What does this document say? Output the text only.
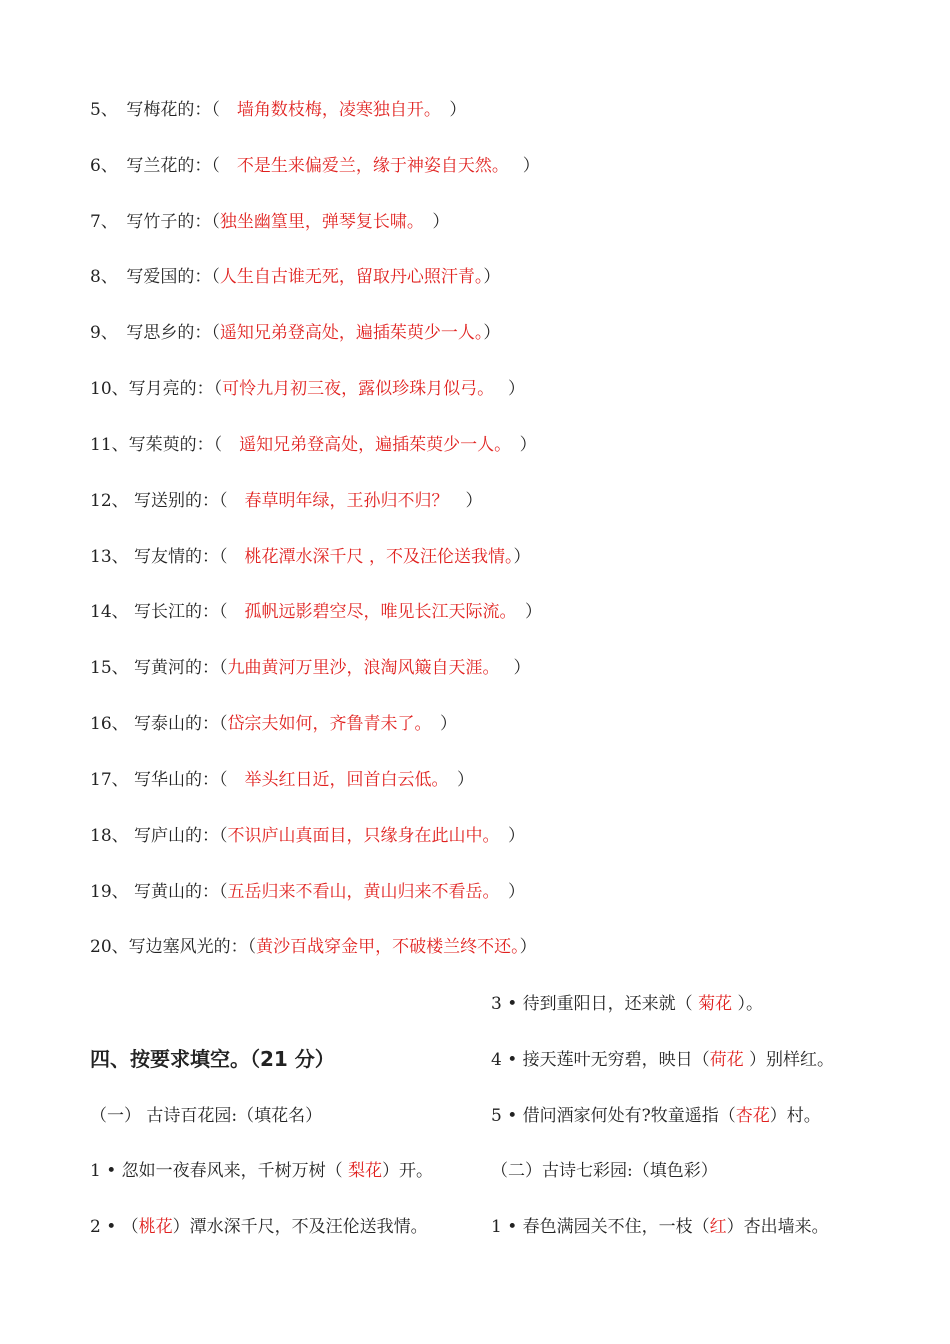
5、　写梅花的：（　墙角数枝梅，凌寒独自开。　）
6、　写兰花的：（　不是生来偏爱兰，缘于神姿自天然。　 ）
7、　写竹子的：（独坐幽篁里，弹琴复长啸。　）
8、　写爱国的：（人生自古谁无死，留取丹心照汗青。）
9、　写思乡的：（遥知兄弟登高处，遍插茱萸少一人。）
10、写月亮的：（可怜九月初三夜，露似珍珠月似弓。　 ）
11、写茱萸的：（　遥知兄弟登高处，遍插茱萸少一人。　）
12、 写送别的：（　春草明年绿，王孙归不归？　）
13、 写友情的：（　桃花潭水深千尺 ，不及汪伦送我情。）
14、 写长江的：（　孤帆远影碧空尽，唯见长江天际流。　）
15、 写黄河的：（九曲黄河万里沙，浪淘风簸自天涯。　 ）
16、 写泰山的：（岱宗夫如何，齐鲁青未了。　）
17、 写华山的：（　举头红日近，回首白云低。　）
18、 写庐山的：（不识庐山真面目，只缘身在此山中。　）
19、 写黄山的：（五岳归来不看山，黄山归来不看岳。　）
20、写边塞风光的：（黄沙百战穿金甲，不破楼兰终不还。）
四、按要求填空。（21 分）
（一） 古诗百花园:（填花名）
1 • 忽如一夜春风来，千树万树（ 梨花）开。
2 • （桃花）潭水深千尺，不及汪伦送我情。
3 • 待到重阳日，还来就（ 菊花 ）。
4 • 接天莲叶无穷碧，映日（荷花 ）别样红。
5 • 借问酒家何处有?牧童遥指（杏花）村。
（二）古诗七彩园:（填色彩）
1 • 春色满园关不住，一枝（红）杏出墙来。
